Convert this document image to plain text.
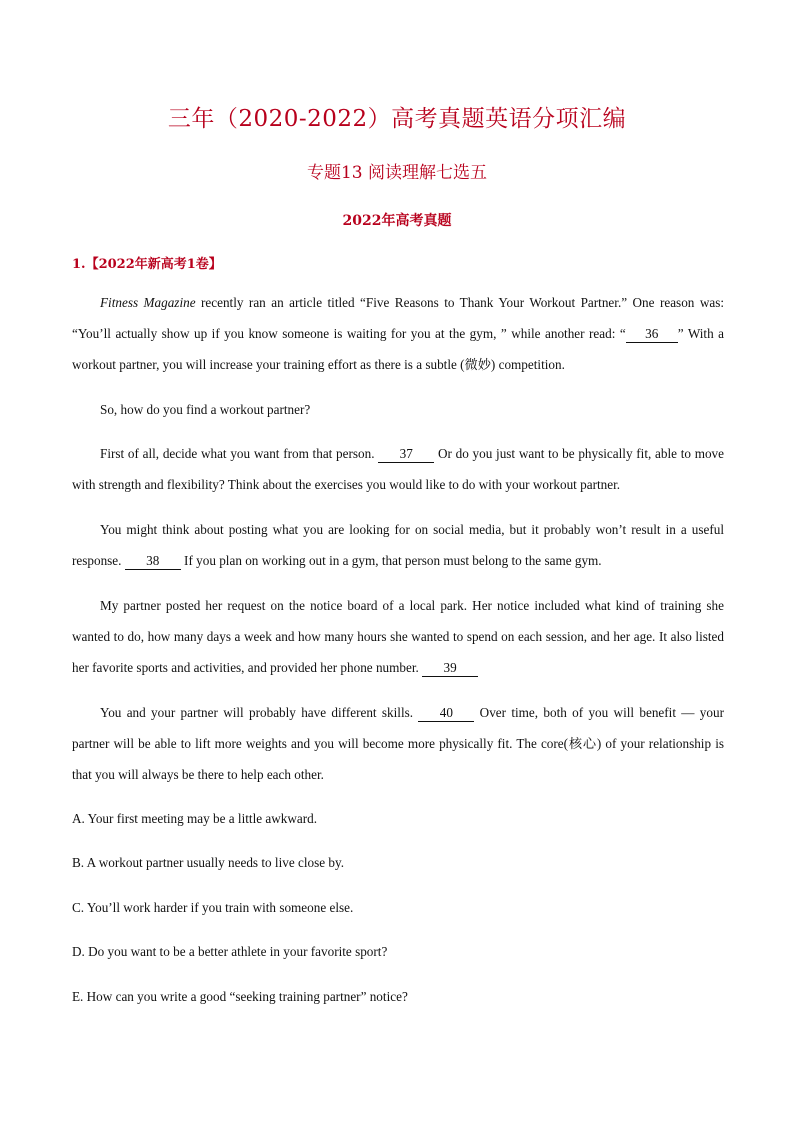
三年（2020-2022）高考真题英语分项汇编
专题13 阅读理解七选五
2022年高考真题
1.【2022年新高考1卷】
Fitness Magazine recently ran an article titled “Five Reasons to Thank Your Workout Partner.” One reason was: “You’ll actually show up if you know someone is waiting for you at the gym, ” while another read: “ 36 ” With a workout partner, you will increase your training effort as there is a subtle (微妙) competition.
So, how do you find a workout partner?
First of all, decide what you want from that person. 37 Or do you just want to be physically fit, able to move with strength and flexibility? Think about the exercises you would like to do with your workout partner.
You might think about posting what you are looking for on social media, but it probably won’t result in a useful response. 38 If you plan on working out in a gym, that person must belong to the same gym.
My partner posted her request on the notice board of a local park. Her notice included what kind of training she wanted to do, how many days a week and how many hours she wanted to spend on each session, and her age. It also listed her favorite sports and activities, and provided her phone number. 39
You and your partner will probably have different skills. 40 Over time, both of you will benefit — your partner will be able to lift more weights and you will become more physically fit. The core(核心) of your relationship is that you will always be there to help each other.
A. Your first meeting may be a little awkward.
B. A workout partner usually needs to live close by.
C. You’ll work harder if you train with someone else.
D. Do you want to be a better athlete in your favorite sport?
E. How can you write a good “seeking training partner” notice?
